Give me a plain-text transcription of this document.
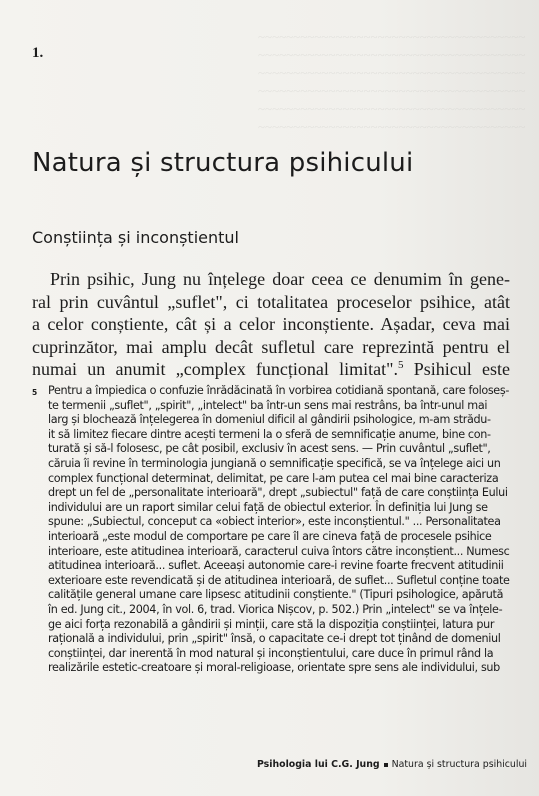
~~~~~~~~~~~~~~~~~~~~~~~~~~~~~~~~~~~~~~
~~~~~~~~~~~~~~~~~~~~~~~~~~~~~~~~~~~~~~
~~~~~~~~~~~~~~~~~~~~~~~~~~~~~~~~~~~~~~
~~~~~~~~~~~~~~~~~~~~~~~~~~~~~~~~~~~~~~
~~~~~~~~~~~~~~~~~~~~~~~~~~~~~~~~~~~~~~
~~~~~~~~~~~~~~~~~~~~~~~~~~~~~~~~~~~~~~
1.
Natura și structura psihicului
Conștiința și inconștientul

Prin psihic, Jung nu înțelege doar ceea ce denumim în gene-
ral prin cuvântul „suflet", ci totalitatea proceselor psihice, atât
a celor conștiente, cât și a celor inconștiente. Așadar, ceva mai
cuprinzător, mai amplu decât sufletul care reprezintă pentru el
numai un anumit „complex funcțional limitat".$^5$ Psihicul este

5 Pentru a împiedica o confuzie înrădăcinată în vorbirea cotidiană spontană, care foloseș-
te termenii „suflet", „spirit", „intelect" ba într-un sens mai restrâns, ba într-unul mai
larg și blochează înțelegerea în domeniul dificil al gândirii psihologice, m-am strădu-
it să limitez fiecare dintre acești termeni la o sferă de semnificație anume, bine con-
turată și să-l folosesc, pe cât posibil, exclusiv în acest sens. — Prin cuvântul „suflet",
căruia îi revine în terminologia jungiană o semnificație specifică, se va înțelege aici un
complex funcțional determinat, delimitat, pe care l-am putea cel mai bine caracteriza
drept un fel de „personalitate interioară", drept „subiectul" față de care conștiința Eului
individului are un raport similar celui față de obiectul exterior. În definiția lui Jung se
spune: „Subiectul, conceput ca «obiect interior», este inconștientul." ... Personalitatea
interioară „este modul de comportare pe care îl are cineva față de procesele psihice
interioare, este atitudinea interioară, caracterul cuiva întors către inconștient... Numesc
atitudinea interioară... suflet. Aceeași autonomie care-i revine foarte frecvent atitudinii
exterioare este revendicată și de atitudinea interioară, de suflet... Sufletul conține toate
calitățile general umane care lipsesc atitudinii conștiente." (Tipuri psihologice, apărută
în ed. Jung cit., 2004, în vol. 6, trad. Viorica Nișcov, p. 502.) Prin „intelect" se va înțele-
ge aici forța rezonabilă a gândirii și minții, care stă la dispoziția conștiinței, latura pur
rațională a individului, prin „spirit" însă, o capacitate ce-i drept tot ținând de domeniul
conștiinței, dar inerentă în mod natural și inconștientului, care duce în primul rând la
realizările estetic-creatoare și moral-religioase, orientate spre sens ale individului, sub
Psihologia lui C.G. Jung Natura și structura psihicului
